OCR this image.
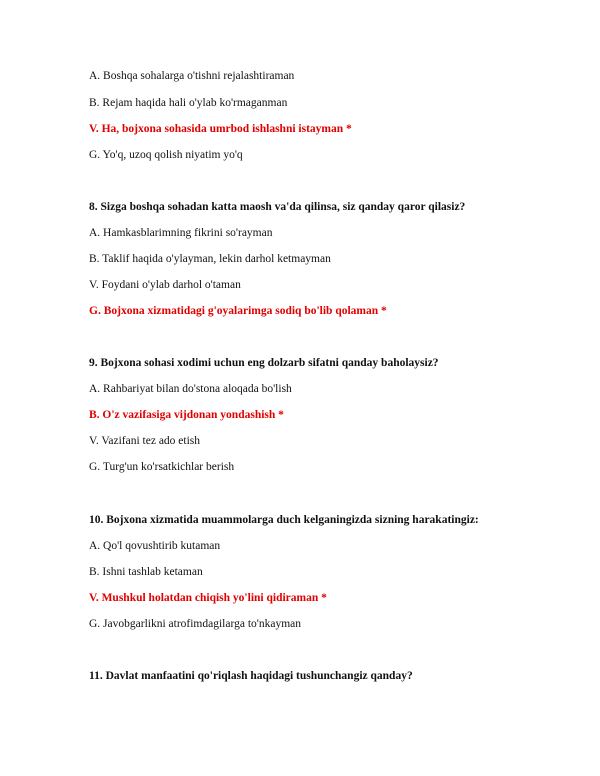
A. Boshqa sohalarga o'tishni rejalashtiraman
B. Rejam haqida hali o'ylab ko'rmaganman
V. Ha, bojxona sohasida umrbod ishlashni istayman *
G. Yo'q, uzoq qolish niyatim yo'q
8. Sizga boshqa sohadan katta maosh va'da qilinsa, siz qanday qaror qilasiz?
A. Hamkasblarimning fikrini so'rayman
B. Taklif haqida o'ylayman, lekin darhol ketmayman
V. Foydani o'ylab darhol o'taman
G. Bojxona xizmatidagi g'oyalarimga sodiq bo'lib qolaman *
9. Bojxona sohasi xodimi uchun eng dolzarb sifatni qanday baholaysiz?
A. Rahbariyat bilan do'stona aloqada bo'lish
B. O'z vazifasiga vijdonan yondashish *
V. Vazifani tez ado etish
G. Turg'un ko'rsatkichlar berish
10. Bojxona xizmatida muammolarga duch kelganingizda sizning harakatingiz:
A. Qo'l qovushtirib kutaman
B. Ishni tashlab ketaman
V. Mushkul holatdan chiqish yo'lini qidiraman *
G. Javobgarlikni atrofimdagilarga to'nkayman
11. Davlat manfaatini qo'riqlash haqidagi tushunchangiz qanday?
